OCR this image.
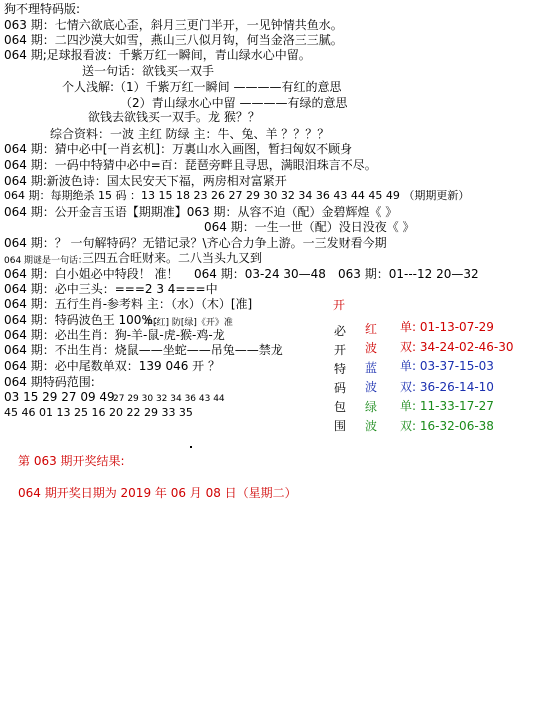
狗不理特码版:
063 期：七情六欲底心歪，斜月三更门半开，一见钟情共鱼水。
064 期：二四沙漠大如雪，燕山三八似月钩，何当金洛三三腻。
064 期;足球报看波：千紫万红一瞬间，青山绿水心中留。
送一句话：欲钱买一双手
个人浅解:（1）千紫万红一瞬间 ————有红的意思
（2）青山绿水心中留 ————有绿的意思
欲钱去欲钱买一双手。龙 猴？？
综合资料：一波 主红 防绿 主：牛、兔、羊 ？？？？
064 期：猜中必中[一肖玄机]：万裏山水入画图，暂扫匈奴不顾身
064 期：一码中特猜中必中=百：琵琶旁畔且寻思，满眼泪珠言不尽。
064 期:新波色诗：国太民安天下福，两房相对富紧开
064 期：每期绝杀 15 码 ：13 15 18 23 26 27 29 30 32 34 36 43 44 45 49 （期期更新）
064 期：公开金言玉语【期期准】063 期：从容不迫（配）金碧辉煌《 》
064 期：一生一世（配）没日没夜《 》
064 期：？ 一句解特码？无错记录？\齐心合力争上游。一三发财看今期
064 期谜是一句话：
三四五合旺财来。二八当头九又到
064 期：白小姐必中特段！ 准！ 064 期：03-24 30—48 063 期：01---12 20—32
064 期：必中三头：===2 3 4===中
064 期：五行生肖-参考料 主：（水）（木）[准]
064 期：特码波色王 100%：
单[红] 防[绿]《开》准
064 期：必出生肖：狗-羊-鼠-虎-猴-鸡-龙
064 期：不出生肖：烧鼠——坐蛇——吊兔——禁龙
064 期：必中尾数单双：139 046 开 ？
064 期特码范围:
03 15 29 27 09 49
27 29 30 32 34 36 43 44
45 46 01 13 25 16 20 22 29 33 35
第 063 期开奖结果:
064 期开奖日期为 2019 年 06 月 08 日（星期二）
开
必
开
特
码
包
围
红
波
蓝
波
绿
波
单: 01-13-07-29
双: 34-24-02-46-30
单: 03-37-15-03
双: 36-26-14-10
单: 11-33-17-27
双: 16-32-06-38
